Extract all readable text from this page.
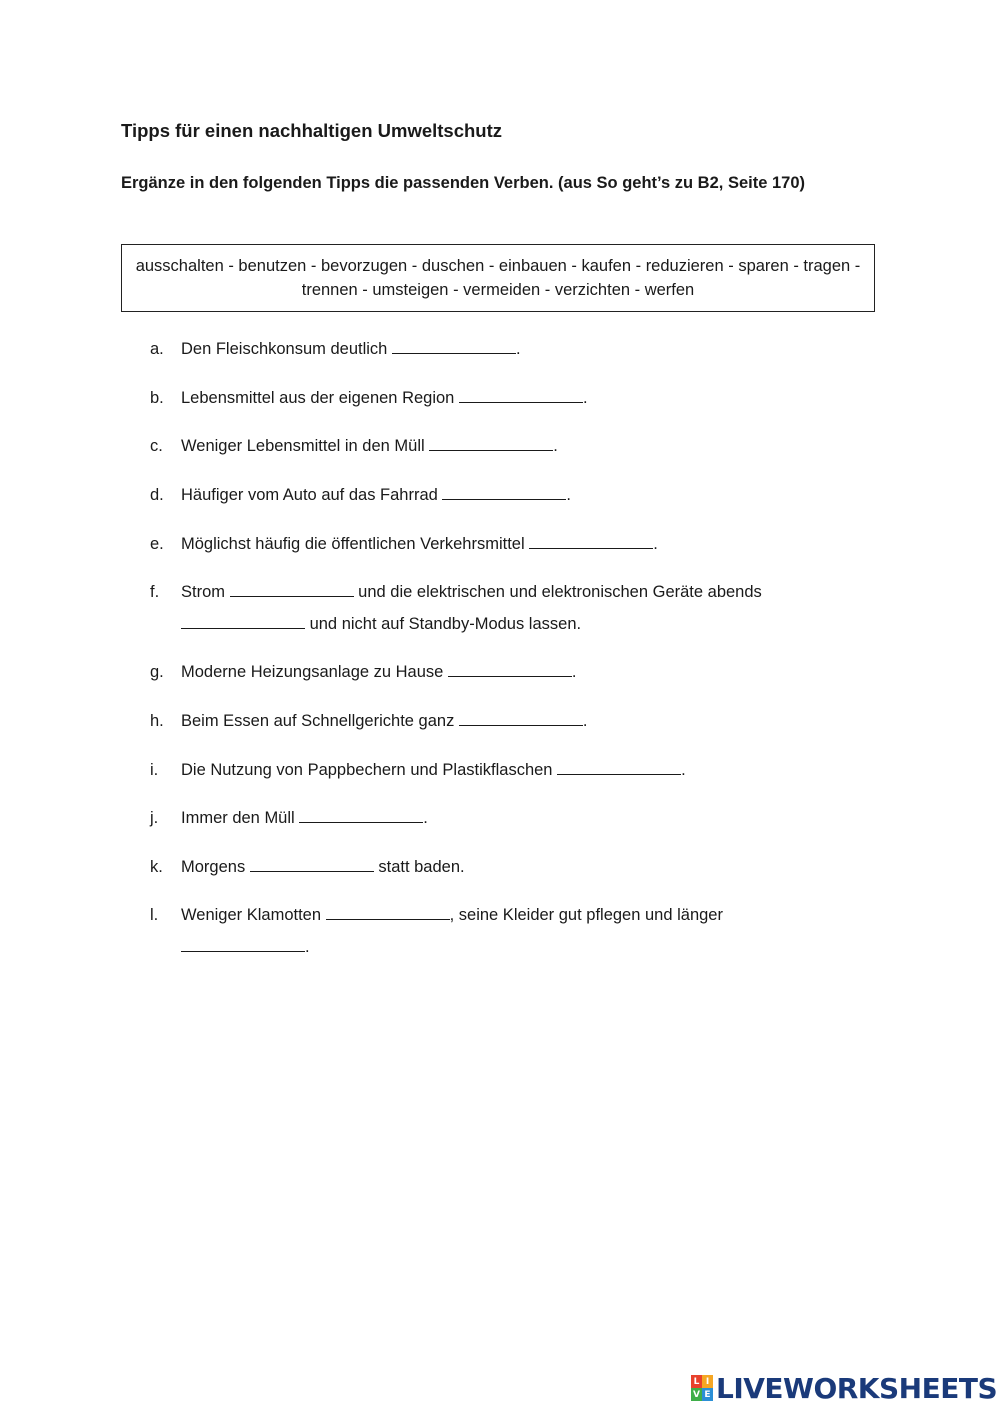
Tipps für einen nachhaltigen Umweltschutz

Ergänze in den folgenden Tipps die passenden Verben. (aus So geht’s zu B2, Seite 170)

ausschalten - benutzen - bevorzugen - duschen - einbauen - kaufen - reduzieren - sparen - tragen - trennen - umsteigen - vermeiden - verzichten - werfen
a.	Den Fleischkonsum deutlich	.
b.	Lebensmittel aus der eigenen Region	.
c.	Weniger Lebensmittel in den Müll	.
d.	Häufiger vom Auto auf das Fahrrad	.
e.	Möglichst häufig die öffentlichen Verkehrsmittel	.
f.	Strom	und die elektrischen und elektronischen Geräte abends  und nicht auf Standby-Modus lassen.
g.	Moderne Heizungsanlage zu Hause	.
h.	Beim Essen auf Schnellgerichte ganz	.
i.	Die Nutzung von Pappbechern und Plastikflaschen	.
j.	Immer den Müll	.
k.	Morgens	statt baden.
l.	Weniger Klamotten	, seine Kleider gut pflegen und länger .
L I
V E LIVEWORKSHEETS
